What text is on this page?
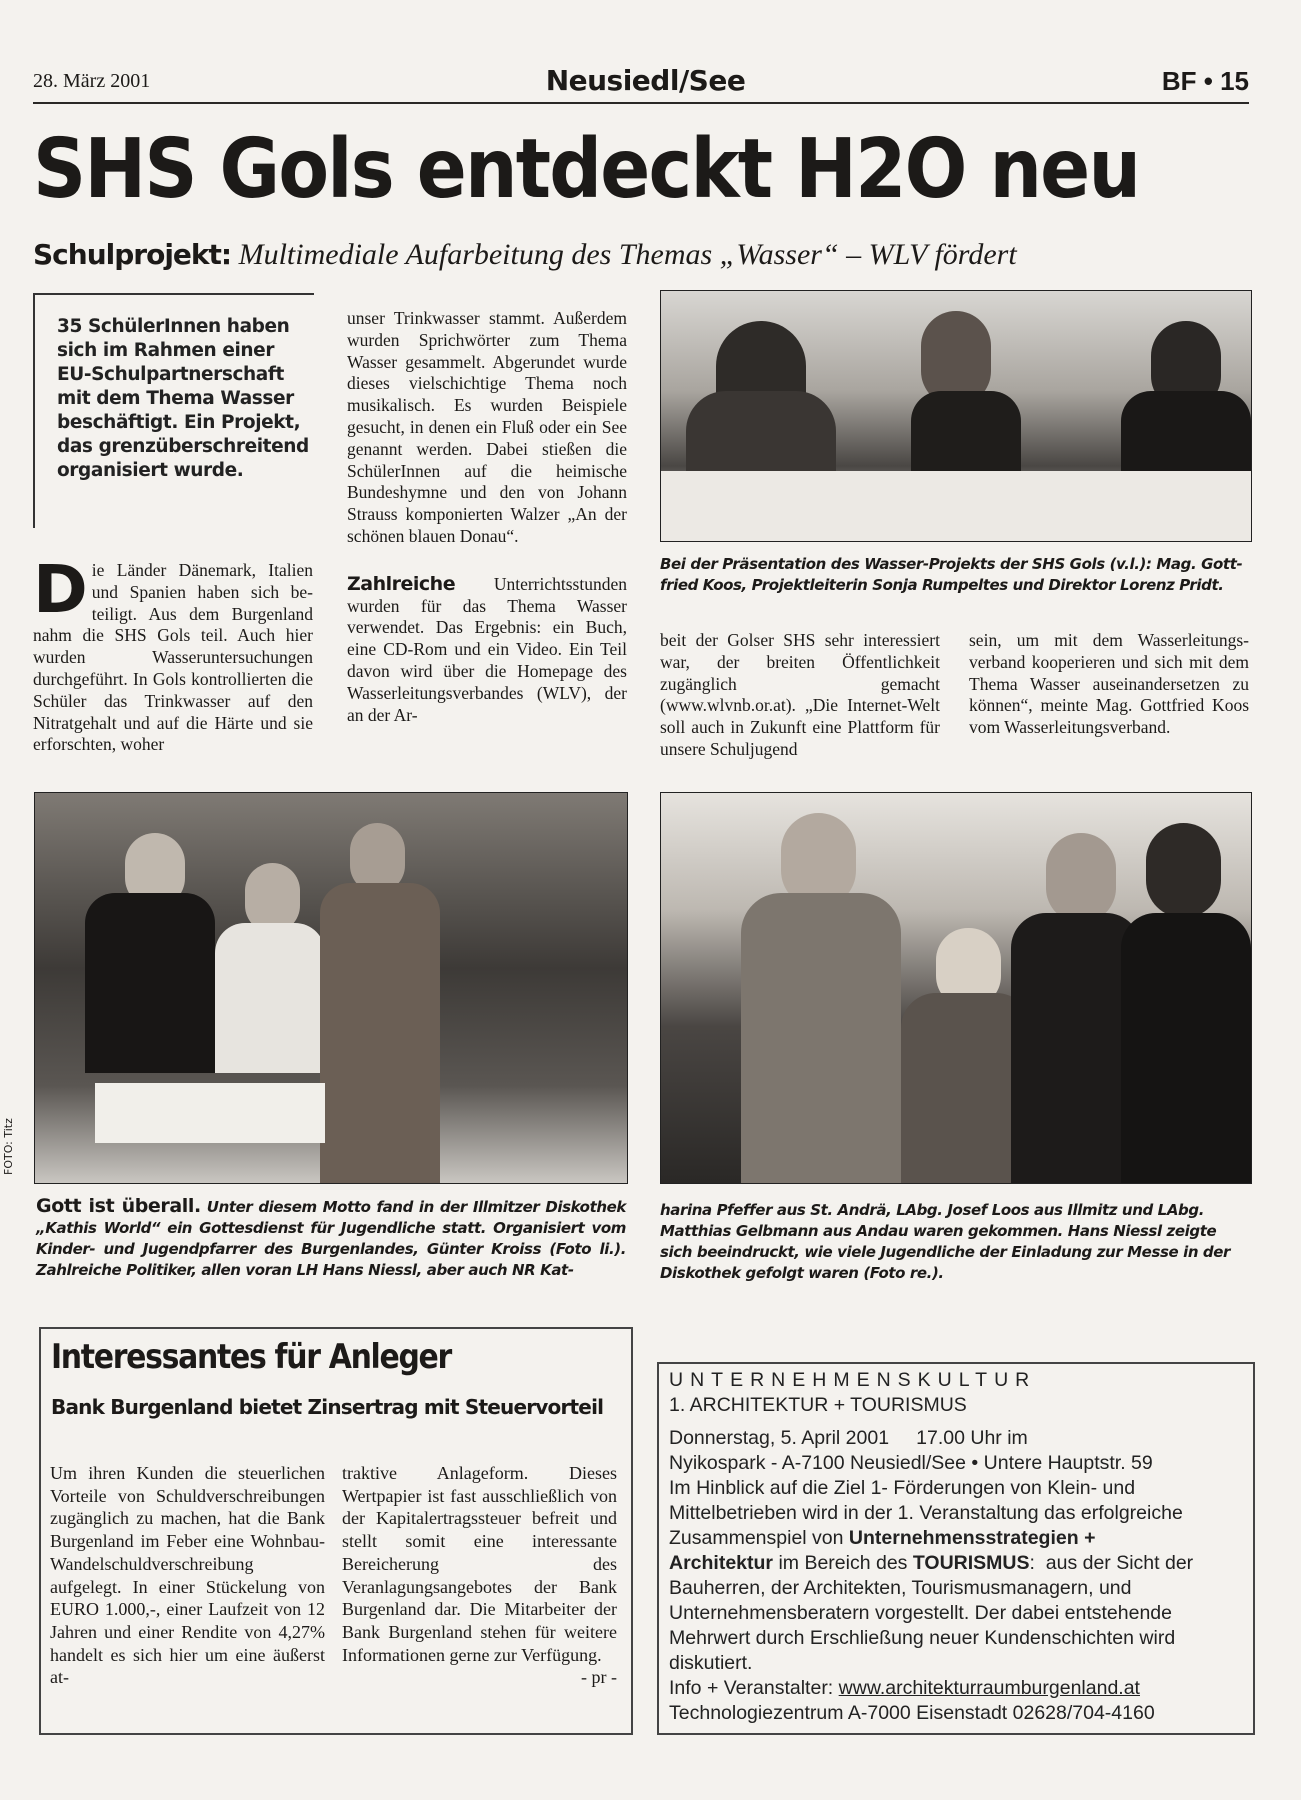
28. März 2001	Neusiedl/See	BF • 15
SHS Gols entdeckt H2O neu
Schulprojekt: Multimediale Aufarbeitung des Themas „Wasser“ – WLV fördert

35 SchülerInnen haben sich im Rahmen einer EU-Schulpartnerschaft mit dem Thema Wasser beschäftigt. Ein Projekt, das grenzüberschreitend organisiert wurde.

Die Länder Dänemark, Italien und Spanien haben sich beteiligt. Aus dem Burgenland nahm die SHS Gols teil. Auch hier wurden Wasseruntersuchungen durchgeführt. In Gols kontrollierten die Schüler das Trinkwasser auf den Nitratgehalt und auf die Härte und sie erforschten, woher
unser Trinkwasser stammt. Außerdem wurden Sprichwörter zum Thema Wasser gesammelt. Abgerundet wurde dieses vielschichtige Thema noch musikalisch. Es wurden Beispiele gesucht, in denen ein Fluß oder ein See genannt werden. Dabei stießen die SchülerInnen auf die heimische Bundeshymne und den von Johann Strauss komponierten Walzer „An der schönen blauen Donau“.
Zahlreiche Unterrichtsstunden wurden für das Thema Wasser verwendet. Das Ergebnis: ein Buch, eine CD-Rom und ein Video. Ein Teil davon wird über die Homepage des Wasserleitungsverbandes (WLV), der an der Ar-
Bei der Präsentation des Wasser-Projekts der SHS Gols (v.l.): Mag. Gottfried Koos, Projektleiterin Sonja Rumpeltes und Direktor Lorenz Pridt.
beit der Golser SHS sehr interessiert war, der breiten Öffentlichkeit zugänglich gemacht (www.wlvnb.or.at). „Die Internet-Welt soll auch in Zukunft eine Plattform für unsere Schuljugend
sein, um mit dem Wasserleitungsverband kooperieren und sich mit dem Thema Wasser auseinandersetzen zu können“, meinte Mag. Gottfried Koos vom Wasserleitungsverband.
FOTO: Titz
Gott ist überall. Unter diesem Motto fand in der Illmitzer Diskothek „Kathis World“ ein Gottesdienst für Jugendliche statt. Organisiert vom Kinder- und Jugendpfarrer des Burgenlandes, Günter Kroiss (Foto li.). Zahlreiche Politiker, allen voran LH Hans Niessl, aber auch NR Kat-
harina Pfeffer aus St. Andrä, LAbg. Josef Loos aus Illmitz und LAbg. Matthias Gelbmann aus Andau waren gekommen. Hans Niessl zeigte sich beeindruckt, wie viele Jugendliche der Einladung zur Messe in der Diskothek gefolgt waren (Foto re.).
Interessantes für Anleger
Bank Burgenland bietet Zinsertrag mit Steuervorteil
Um ihren Kunden die steuerlichen Vorteile von Schuldverschreibungen zugänglich zu machen, hat die Bank Burgenland im Feber eine Wohnbau-Wandelschuldverschreibung aufgelegt. In einer Stückelung von EURO 1.000,-, einer Laufzeit von 12 Jahren und einer Rendite von 4,27% handelt es sich hier um eine äußerst at-
traktive Anlageform. Dieses Wertpapier ist fast ausschließlich von der Kapitalertragssteuer befreit und stellt somit eine interessante Bereicherung des Veranlagungsangebotes der Bank Burgenland dar. Die Mitarbeiter der Bank Burgenland stehen für weitere Informationen gerne zur Verfügung.
- pr -
UNTERNEHMENSKULTUR
1. ARCHITEKTUR + TOURISMUS
Donnerstag, 5. April 2001     17.00 Uhr im
Nyikospark - A-7100 Neusiedl/See • Untere Hauptstr. 59
Im Hinblick auf die Ziel 1- Förderungen von Klein- und
Mittelbetrieben wird in der 1. Veranstaltung das erfolgreiche
Zusammenspiel von Unternehmensstrategien +
Architektur im Bereich des TOURISMUS:  aus der Sicht der
Bauherren, der Architekten, Tourismusmanagern, und
Unternehmensberatern vorgestellt. Der dabei entstehende
Mehrwert durch Erschließung neuer Kundenschichten wird
diskutiert.
Info + Veranstalter: www.architekturraumburgenland.at
Technologiezentrum A-7000 Eisenstadt 02628/704-4160
